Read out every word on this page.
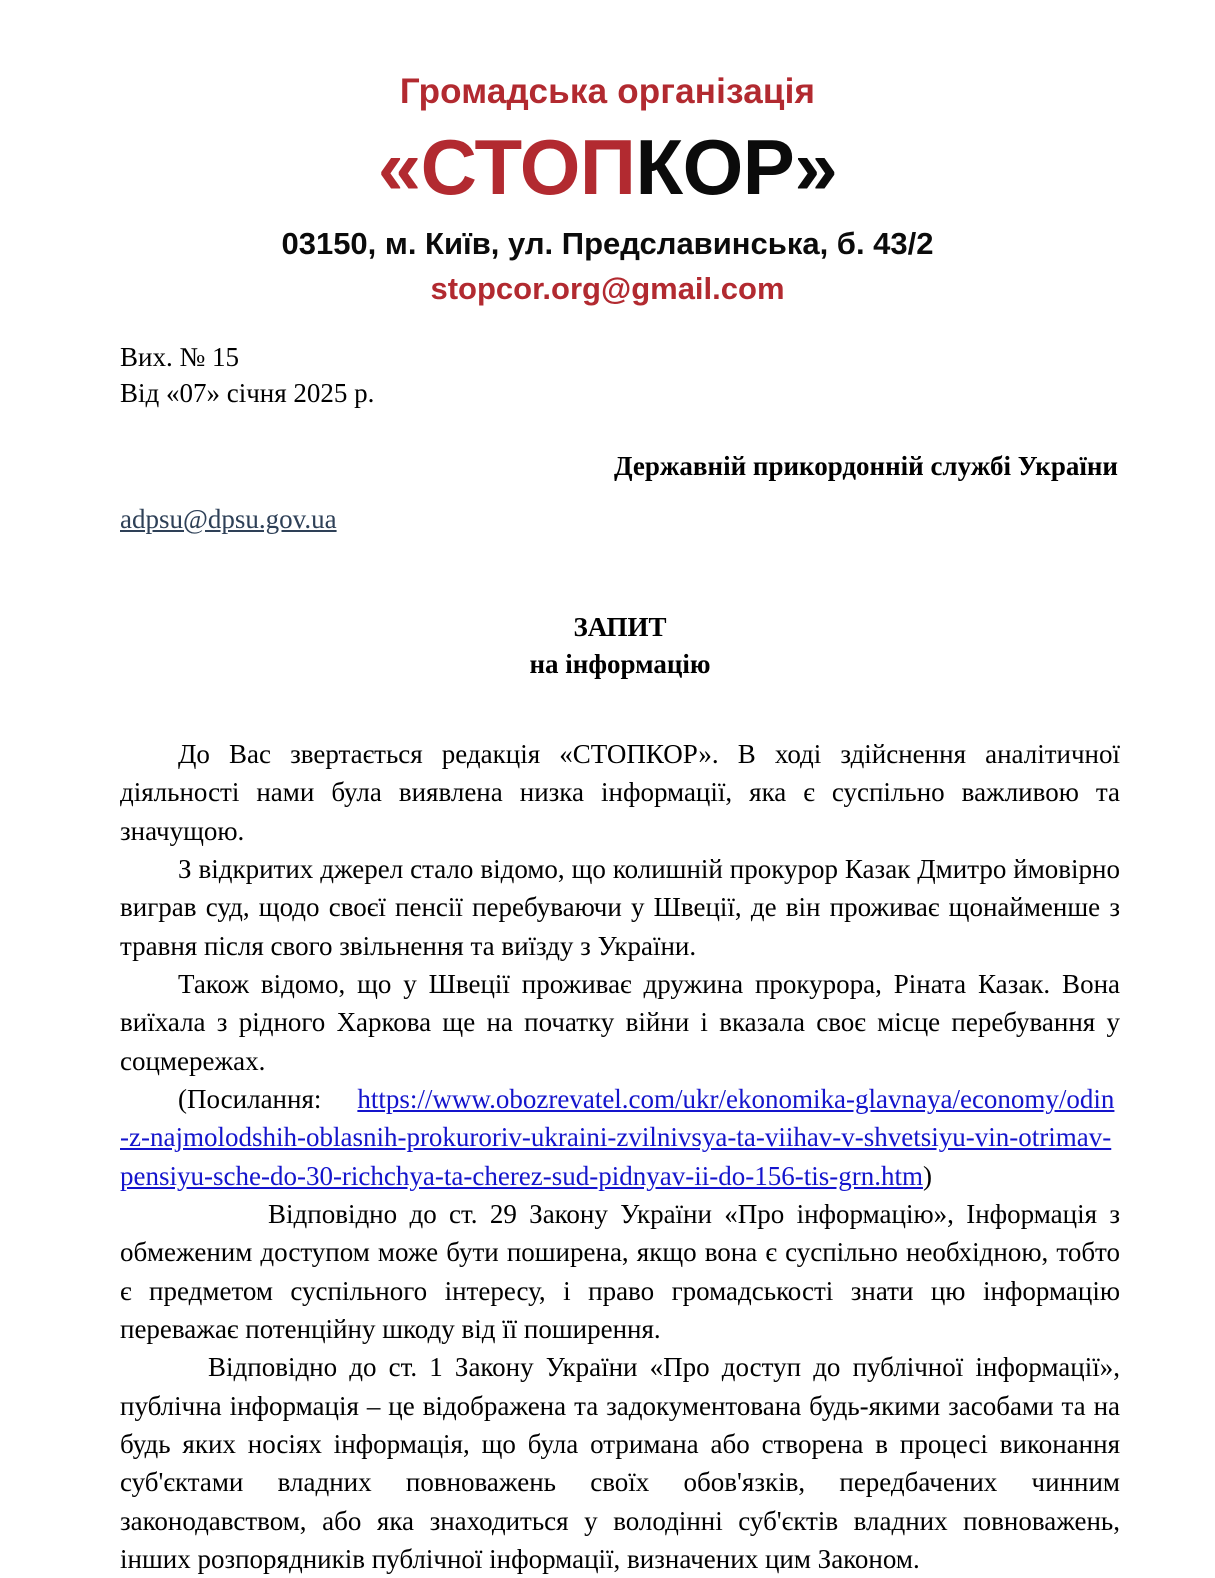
Громадська організація
«СТОПКОР»
03150, м. Київ, ул. Предславинська, б. 43/2
stopcor.org@gmail.com
Вих. № 15
Від «07» січня 2025 р.
Державній прикордонній службі України
adpsu@dpsu.gov.ua
ЗАПИТ
на інформацію

До Вас звертається редакція «СТОПКОР». В ході здійснення аналітичної діяльності нами була виявлена низка інформації, яка є суспільно важливою та значущою.

З відкритих джерел стало відомо, що колишній прокурор Казак Дмитро ймовірно виграв суд, щодо своєї пенсії перебуваючи у Швеції, де він проживає щонайменше з травня після свого звільнення та виїзду з України.

Також відомо, що у Швеції проживає дружина прокурора, Ріната Казак. Вона виїхала з рідного Харкова ще на початку війни і вказала своє місце перебування у соцмережах.

(Посилання: https://www.obozrevatel.com/ukr/ekonomika-glavnaya/economy/odin-z-najmolodshih-oblasnih-prokuroriv-ukraini-zvilnivsya-ta-viihav-v-shvetsiyu-vin-otrimav-pensiyu-sche-do-30-richchya-ta-cherez-sud-pidnyav-ii-do-156-tis-grn.htm)

Відповідно до ст. 29 Закону України «Про інформацію», Інформація з обмеженим доступом може бути поширена, якщо вона є суспільно необхідною, тобто є предметом суспільного інтересу, і право громадськості знати цю інформацію переважає потенційну шкоду від її поширення.

Відповідно до ст. 1 Закону України «Про доступ до публічної інформації», публічна інформація – це відображена та задокументована будь-якими засобами та на будь яких носіях інформація, що була отримана або створена в процесі виконання суб'єктами владних повноважень своїх обов'язків, передбачених чинним законодавством, або яка знаходиться у володінні суб'єктів владних повноважень, інших розпорядників публічної інформації, визначених цим Законом.
